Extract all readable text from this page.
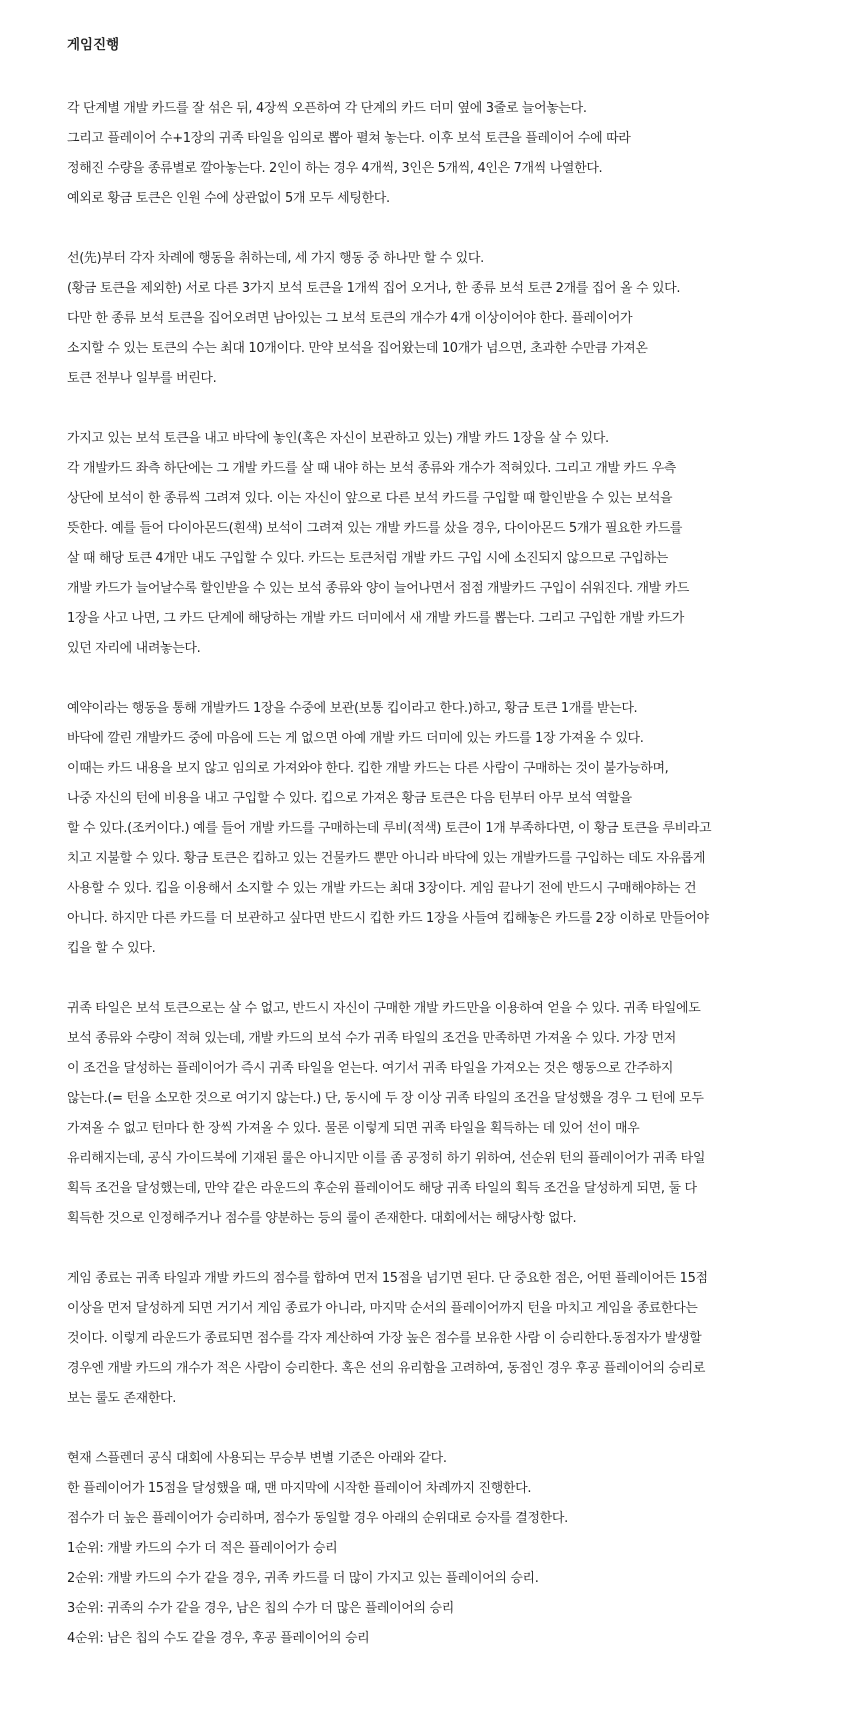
게임진행
각 단계별 개발 카드를 잘 섞은 뒤, 4장씩 오픈하여 각 단계의 카드 더미 옆에 3줄로 늘어놓는다.
그리고 플레이어 수+1장의 귀족 타일을 임의로 뽑아 펼쳐 놓는다. 이후 보석 토큰을 플레이어 수에 따라
정해진 수량을 종류별로 깔아놓는다. 2인이 하는 경우 4개씩, 3인은 5개씩, 4인은 7개씩 나열한다.
예외로 황금 토큰은 인원 수에 상관없이 5개 모두 세팅한다.
선(先)부터 각자 차례에 행동을 취하는데, 세 가지 행동 중 하나만 할 수 있다.
(황금 토큰을 제외한) 서로 다른 3가지 보석 토큰을 1개씩 집어 오거나, 한 종류 보석 토큰 2개를 집어 올 수 있다.
다만 한 종류 보석 토큰을 집어오려면 남아있는 그 보석 토큰의 개수가 4개 이상이어야 한다. 플레이어가
소지할 수 있는 토큰의 수는 최대 10개이다. 만약 보석을 집어왔는데 10개가 넘으면, 초과한 수만큼 가져온
토큰 전부나 일부를 버린다.
가지고 있는 보석 토큰을 내고 바닥에 놓인(혹은 자신이 보관하고 있는) 개발 카드 1장을 살 수 있다.
각 개발카드 좌측 하단에는 그 개발 카드를 살 때 내야 하는 보석 종류와 개수가 적혀있다. 그리고 개발 카드 우측
상단에 보석이 한 종류씩 그려져 있다. 이는 자신이 앞으로 다른 보석 카드를 구입할 때 할인받을 수 있는 보석을
뜻한다. 예를 들어 다이아몬드(흰색) 보석이 그려져 있는 개발 카드를 샀을 경우, 다이아몬드 5개가 필요한 카드를
살 때 해당 토큰 4개만 내도 구입할 수 있다. 카드는 토큰처럼 개발 카드 구입 시에 소진되지 않으므로 구입하는
개발 카드가 늘어날수록 할인받을 수 있는 보석 종류와 양이 늘어나면서 점점 개발카드 구입이 쉬워진다. 개발 카드
1장을 사고 나면, 그 카드 단계에 해당하는 개발 카드 더미에서 새 개발 카드를 뽑는다. 그리고 구입한 개발 카드가
있던 자리에 내려놓는다.
예약이라는 행동을 통해 개발카드 1장을 수중에 보관(보통 킵이라고 한다.)하고, 황금 토큰 1개를 받는다.
바닥에 깔린 개발카드 중에 마음에 드는 게 없으면 아예 개발 카드 더미에 있는 카드를 1장 가져올 수 있다.
이때는 카드 내용을 보지 않고 임의로 가져와야 한다. 킵한 개발 카드는 다른 사람이 구매하는 것이 불가능하며,
나중 자신의 턴에 비용을 내고 구입할 수 있다. 킵으로 가져온 황금 토큰은 다음 턴부터 아무 보석 역할을
할 수 있다.(조커이다.) 예를 들어 개발 카드를 구매하는데 루비(적색) 토큰이 1개 부족하다면, 이 황금 토큰을 루비라고
치고 지불할 수 있다. 황금 토큰은 킵하고 있는 건물카드 뿐만 아니라 바닥에 있는 개발카드를 구입하는 데도 자유롭게
사용할 수 있다. 킵을 이용해서 소지할 수 있는 개발 카드는 최대 3장이다. 게임 끝나기 전에 반드시 구매해야하는 건
아니다. 하지만 다른 카드를 더 보관하고 싶다면 반드시 킵한 카드 1장을 사들여 킵해놓은 카드를 2장 이하로 만들어야
킵을 할 수 있다.
귀족 타일은 보석 토큰으로는 살 수 없고, 반드시 자신이 구매한 개발 카드만을 이용하여 얻을 수 있다. 귀족 타일에도
보석 종류와 수량이 적혀 있는데, 개발 카드의 보석 수가 귀족 타일의 조건을 만족하면 가져올 수 있다. 가장 먼저
이 조건을 달성하는 플레이어가 즉시 귀족 타일을 얻는다. 여기서 귀족 타일을 가져오는 것은 행동으로 간주하지
않는다.(= 턴을 소모한 것으로 여기지 않는다.) 단, 동시에 두 장 이상 귀족 타일의 조건을 달성했을 경우 그 턴에 모두
가져올 수 없고 턴마다 한 장씩 가져올 수 있다. 물론 이렇게 되면 귀족 타일을 획득하는 데 있어 선이 매우
유리해지는데, 공식 가이드북에 기재된 룰은 아니지만 이를 좀 공정히 하기 위하여, 선순위 턴의 플레이어가 귀족 타일
획득 조건을 달성했는데, 만약 같은 라운드의 후순위 플레이어도 해당 귀족 타일의 획득 조건을 달성하게 되면, 둘 다
획득한 것으로 인정해주거나 점수를 양분하는 등의 룰이 존재한다. 대회에서는 해당사항 없다.
게임 종료는 귀족 타일과 개발 카드의 점수를 합하여 먼저 15점을 넘기면 된다. 단 중요한 점은, 어떤 플레이어든 15점
이상을 먼저 달성하게 되면 거기서 게임 종료가 아니라, 마지막 순서의 플레이어까지 턴을 마치고 게임을 종료한다는
것이다. 이렇게 라운드가 종료되면 점수를 각자 계산하여 가장 높은 점수를 보유한 사람 이 승리한다.동점자가 발생할
경우엔 개발 카드의 개수가 적은 사람이 승리한다. 혹은 선의 유리함을 고려하여, 동점인 경우 후공 플레이어의 승리로
보는 룰도 존재한다.
현재 스플렌더 공식 대회에 사용되는 무승부 변별 기준은 아래와 같다.
한 플레이어가 15점을 달성했을 때, 맨 마지막에 시작한 플레이어 차례까지 진행한다.
점수가 더 높은 플레이어가 승리하며, 점수가 동일할 경우 아래의 순위대로 승자를 결정한다.
1순위: 개발 카드의 수가 더 적은 플레이어가 승리
2순위: 개발 카드의 수가 같을 경우, 귀족 카드를 더 많이 가지고 있는 플레이어의 승리.
3순위: 귀족의 수가 같을 경우, 남은 칩의 수가 더 많은 플레이어의 승리
4순위: 남은 칩의 수도 같을 경우, 후공 플레이어의 승리
